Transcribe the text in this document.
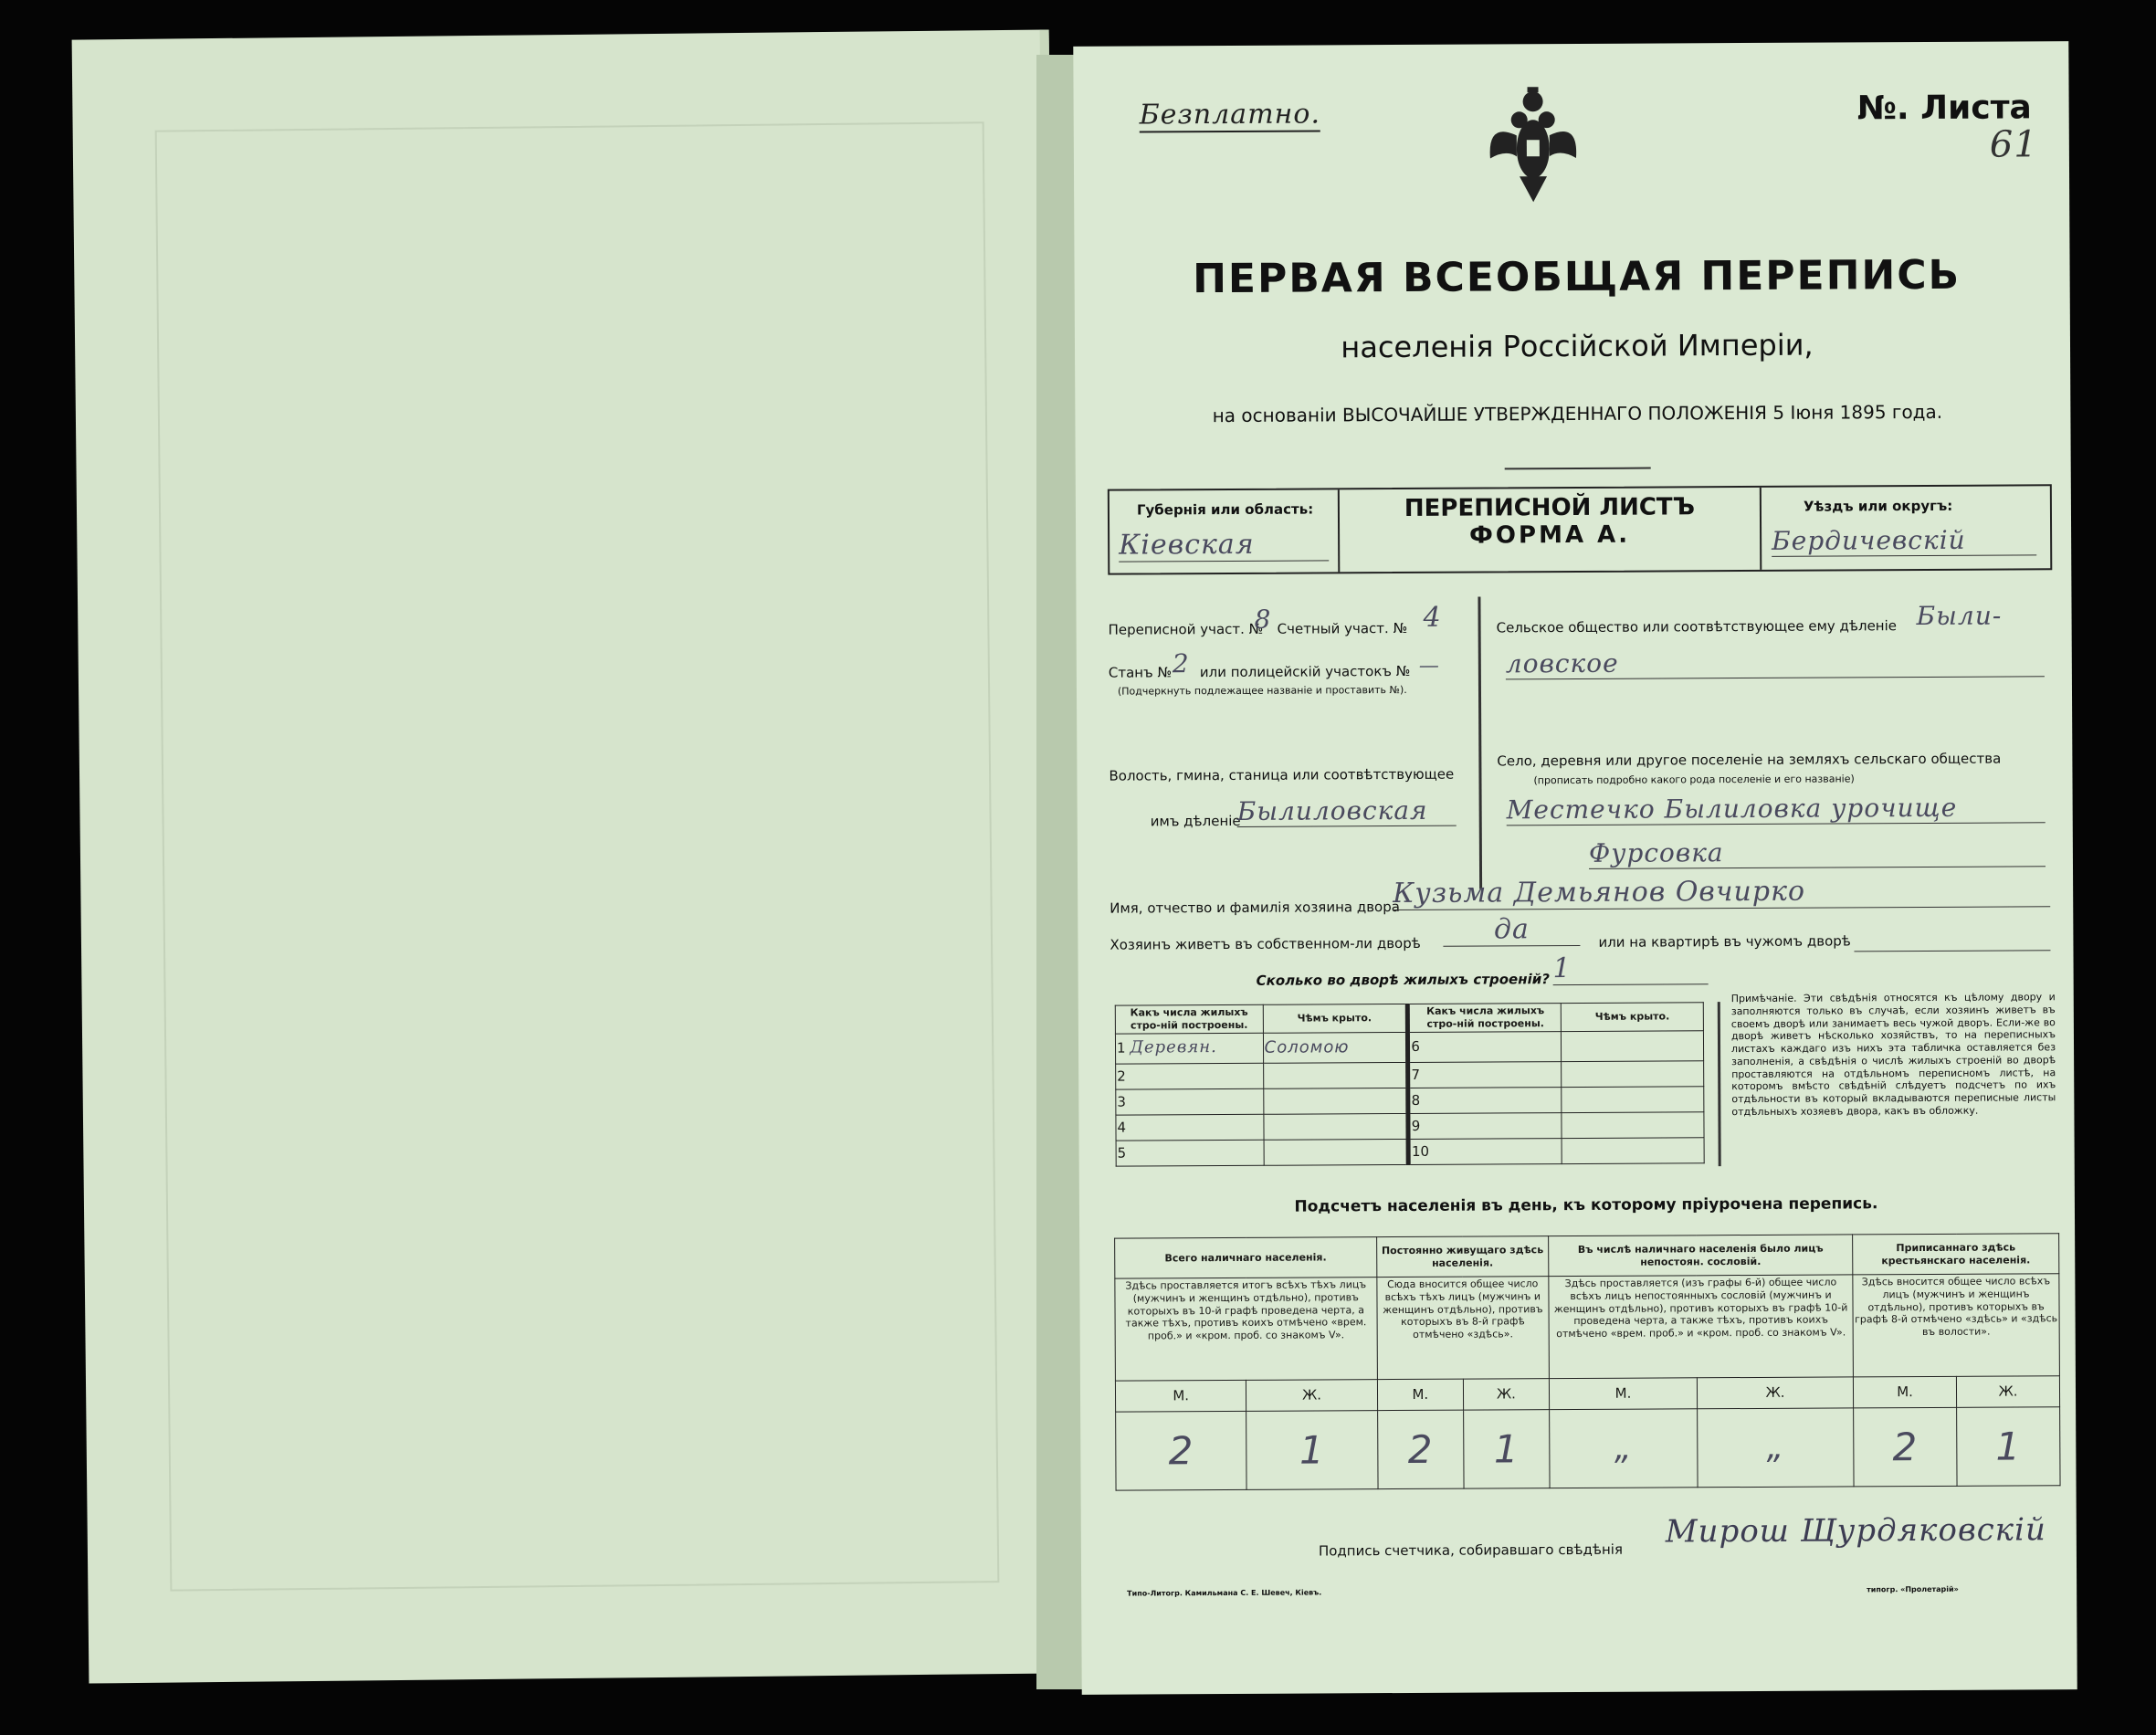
Безплатно.	№. Листа
61
ПЕРВАЯ ВСЕОБЩАЯ ПЕРЕПИСЬ
населенія Россійской Имперіи,
на основаніи ВЫСОЧАЙШЕ УТВЕРЖДЕННАГО ПОЛОЖЕНІЯ 5 Іюня 1895 года.
Губернія или область:
Кіевская
ПЕРЕПИСНОЙ ЛИСТЪ
ФОРМА А.
Уѣздъ или округъ:
Бердичевскій
Переписной участ. №
8 Счетный участ. № 4
Станъ № 2 или полицейскій участокъ № —
(Подчеркнуть подлежащее названіе и проставить №).
Волость, гмина, станица или соотвѣтствующее
имъ дѣленіе
Былиловская
Сельское общество или соотвѣтствующее ему дѣленіе Были-
ловское
Село, деревня или другое поселеніе на земляхъ сельскаго общества
(прописать подробно какого рода поселеніе и его названіе)
Местечко Былиловка урочище
Фурсовка
Имя, отчество и фамилія хозяина двора
Кузьма Демьянов Овчирко
Хозяинъ живетъ въ собственном-ли дворѣ	да	или на квартирѣ въ чужомъ дворѣ
Сколько во дворѣ жилыхъ строеній? 1
Какъ числа жилыхъ стро-ній построены.	Чѣмъ крыто.	Какъ числа жилыхъ стро-ній построены.	Чѣмъ крыто.
1 Деревян.	Соломою	6	
2		7	
3		8	
4		9	
5		10	
Примѣчаніе. Эти свѣдѣнія относятся къ цѣлому двору и заполняются только въ случаѣ, если хозяинъ живетъ въ своемъ дворѣ или занимаетъ весь чужой дворъ. Если-же во дворѣ живетъ нѣсколько хозяйствъ, то на переписныхъ листахъ каждаго изъ нихъ эта табличка оставляется без заполненія, а свѣдѣнія о числѣ жилыхъ строеній во дворѣ проставляются на отдѣльномъ переписномъ листѣ, на которомъ вмѣсто свѣдѣній слѣдуетъ подсчетъ по ихъ отдѣльности въ который вкладываются переписные листы отдѣльныхъ хозяевъ двора, какъ въ обложку.
Подсчетъ населенія въ день, къ которому пріурочена перепись.
Всего наличнаго населенія.		Постоянно живущаго здѣсь населенія.		Въ числѣ наличнаго населенія было лицъ непостоян. сословій.		Приписаннаго здѣсь крестьянскаго населенія.	
Здѣсь проставляется итогъ всѣхъ тѣхъ лицъ (мужчинъ и женщинъ отдѣльно), противъ которыхъ въ 10-й графѣ проведена черта, а также тѣхъ, противъ коихъ отмѣчено «врем. проб.» и «кром. проб. со знакомъ V».		Сюда вносится общее число всѣхъ тѣхъ лицъ (мужчинъ и женщинъ отдѣльно), противъ которыхъ въ 8-й графѣ отмѣчено «здѣсь».		Здѣсь проставляется (изъ графы 6-й) общее число всѣхъ лицъ непостоянныхъ сословій (мужчинъ и женщинъ отдѣльно), противъ которыхъ въ графѣ 10-й проведена черта, а также тѣхъ, противъ коихъ отмѣчено «врем. проб.» и «кром. проб. со знакомъ V».		Здѣсь вносится общее число всѣхъ лицъ (мужчинъ и женщинъ отдѣльно), противъ которыхъ въ графѣ 8-й отмѣчено «здѣсь» и «здѣсь въ волости».	
М.	Ж.	М.	Ж.	М.	Ж.	М.	Ж.
2	1	2	1	„	„	2	1
Подпись счетчика, собиравшаго свѣдѣнія
Мирош Щурдяковскій
Типо-Литогр. Камильмана С. Е. Шевеч, Кіевъ.	типогр. «Пролетарій»
